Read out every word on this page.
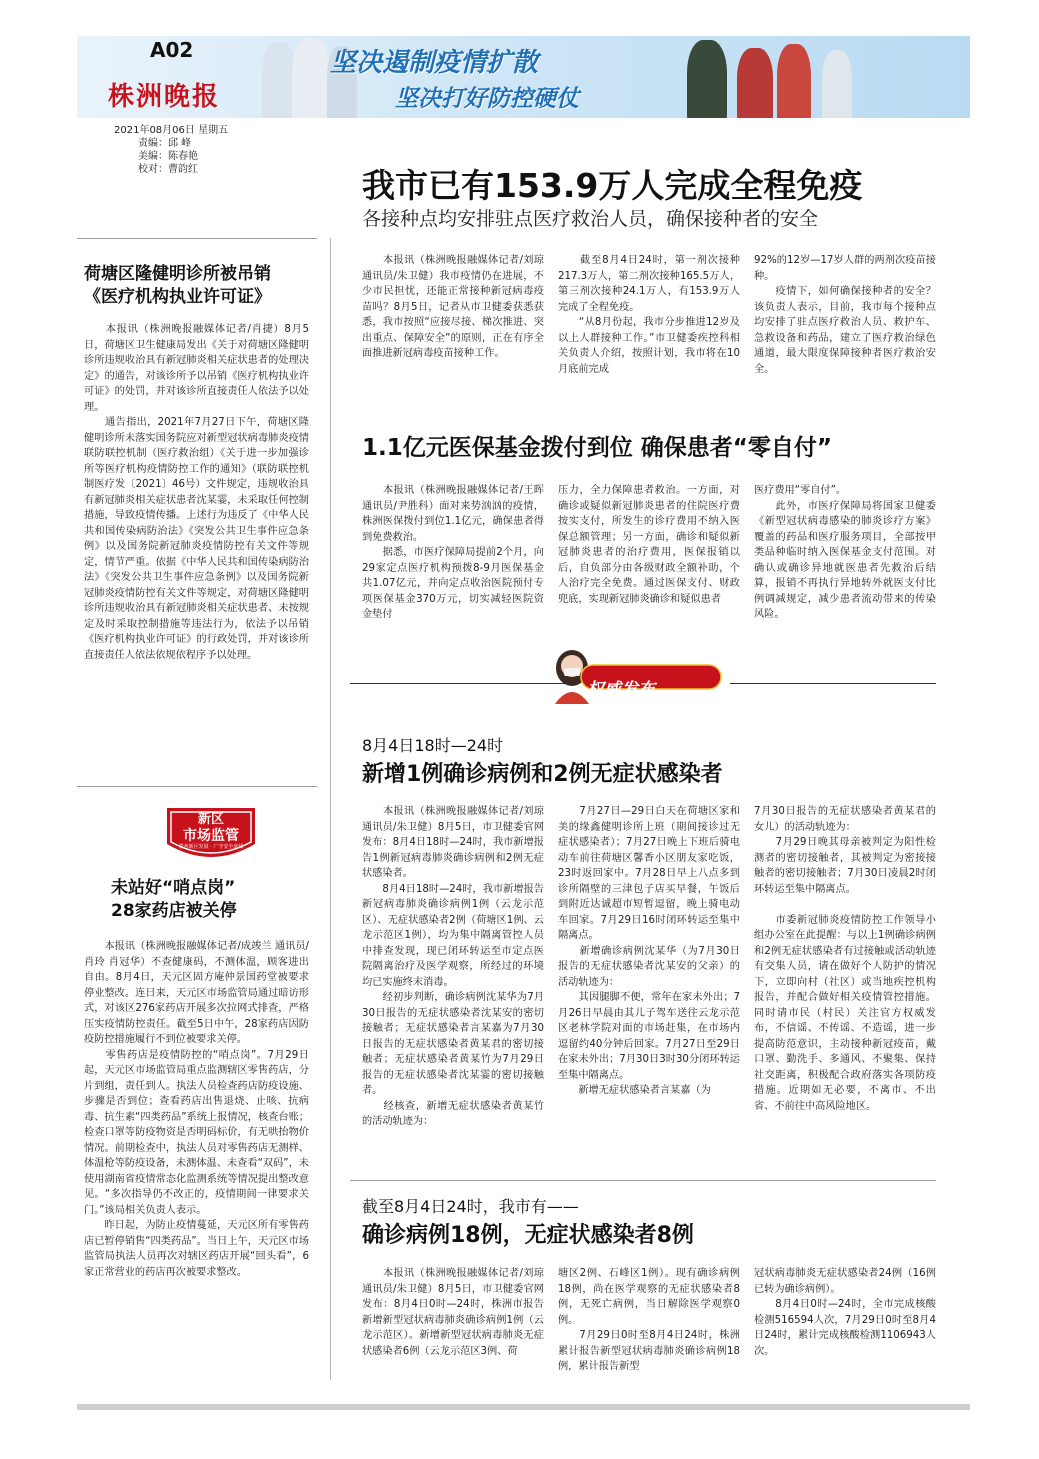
A02
株洲晚报
坚决遏制疫情扩散
坚决打好防控硬仗
2021年08月06日 星期五
责编：邱 峰
美编：陈春艳
校对：曹韵红	我市已有153.9万人完成全程免疫
各接种点均安排驻点医疗救治人员，确保接种者的安全
荷塘区隆健明诊所被吊销
《医疗机构执业许可证》

　　本报讯（株洲晚报融媒体记者/肖捷）8月5日，荷塘区卫生健康局发出《关于对荷塘区隆健明诊所违规收治具有新冠肺炎相关症状患者的处理决定》的通告，对该诊所予以吊销《医疗机构执业许可证》的处罚，并对该诊所直接责任人依法予以处理。
　　通告指出，2021年7月27日下午，荷塘区隆健明诊所未落实国务院应对新型冠状病毒肺炎疫情联防联控机制（医疗救治组）《关于进一步加强诊所等医疗机构疫情防控工作的通知》（联防联控机制医疗发〔2021〕46号）文件规定，违规收治具有新冠肺炎相关症状患者沈某霎，未采取任何控制措施，导致疫情传播。上述行为违反了《中华人民共和国传染病防治法》《突发公共卫生事件应急条例》以及国务院新冠肺炎疫情防控有关文件等规定，情节严重。依据《中华人民共和国传染病防治法》《突发公共卫生事件应急条例》以及国务院新冠肺炎疫情防控有关文件等规定，对荷塘区隆健明诊所违规收治具有新冠肺炎相关症状患者、未按规定及时采取控制措施等违法行为，依法予以吊销《医疗机构执业许可证》的行政处罚，并对该诊所直接责任人依法依规依程序予以处理。

新区
市场监管
服务新区发展 · 广守安全底线
未站好“哨点岗”
28家药店被关停

　　本报讯（株洲晚报融媒体记者/成竣兰 通讯员/肖玲 肖冠华）不查健康码，不测体温，顾客进出自由。8月4日，天元区固方庵仲景国药堂被要求停业整改。连日来，天元区市场监管局通过暗访形式，对该区276家药店开展多次拉网式排查，严格压实疫情防控责任。截至5日中午，28家药店因防疫防控措施履行不到位被要求关停。
　　零售药店是疫情防控的“哨点岗”。7月29日起，天元区市场监管局重点监测辖区零售药店，分片到组，责任到人。执法人员检查药店防疫设施、步骤是否到位；查看药店出售退烧、止咳、抗病毒、抗生素“四类药品”系统上报情况，核查台账；检查口罩等防疫物资是否明码标价，有无哄抬物价情况。前期检查中，执法人员对零售药店无测样、体温枪等防疫设备，未测体温、未查看“双码”，未使用湖南省疫情常态化监测系统等情况提出整改意见。“多次指导仍不改正的，疫情期间一律要求关门。”该局相关负责人表示。
　　昨日起，为防止疫情蔓延，天元区所有零售药店已暂停销售“四类药品”。当日上午，天元区市场监管局执法人员再次对辖区药店开展“回头看”，6家正常营业的药店再次被要求整改。

　　本报讯（株洲晚报融媒体记者/刘琼 通讯员/朱卫健）我市疫情仍在进展，不少市民担忧，还能正常接种新冠病毒疫苗吗？8月5日，记者从市卫健委获悉获悉，我市按照“应接尽接、梯次推进、突出重点、保障安全”的原则，正在有序全面推进新冠病毒疫苗接种工作。

　　截至8月4日24时，第一剂次接种217.3万人，第二剂次接种165.5万人，第三剂次接种24.1万人，有153.9万人完成了全程免疫。
　　“从8月份起，我市分步推进12岁及以上人群接种工作。”市卫健委疾控科相关负责人介绍，按照计划，我市将在10月底前完成

92%的12岁—17岁人群的两剂次疫苗接种。
　　疫情下，如何确保接种者的安全？该负责人表示，目前，我市每个接种点均安排了驻点医疗救治人员、救护车、急救设备和药品，建立了医疗救治绿色通道，最大限度保障接种者医疗救治安全。

1.1亿元医保基金拨付到位 确保患者“零自付”

　　本报讯（株洲晚报融媒体记者/王晖 通讯员/尹胜科）面对来势汹汹的疫情，株洲医保拨付到位1.1亿元，确保患者得到免费救治。
　　据悉，市医疗保障局提前2个月，向29家定点医疗机构预拨8-9月医保基金共1.07亿元，并向定点收治医院预付专项医保基金370万元，切实减轻医院资金垫付

压力，全力保障患者救治。一方面，对确诊或疑似新冠肺炎患者的住院医疗费按实支付，所发生的诊疗费用不纳入医保总额管理；另一方面，确诊和疑似新冠肺炎患者的治疗费用，医保报销以后，自负部分由各级财政全额补助，个人治疗完全免费。通过医保支付、财政兜底，实现新冠肺炎确诊和疑似患者

医疗费用“零自付”。
　　此外，市医疗保障局将国家卫健委《新型冠状病毒感染的肺炎诊疗方案》覆盖的药品和医疗服务项目，全部按甲类品种临时纳入医保基金支付范围。对确认或确诊异地就医患者先救治后结算，报销不再执行异地转外就医支付比例调减规定，减少患者流动带来的传染风险。

权威发布
8月4日18时—24时
新增1例确诊病例和2例无症状感染者

　　本报讯（株洲晚报融媒体记者/刘琼 通讯员/朱卫健）8月5日，市卫健委官网发布：8月4日18时—24时，我市新增报告1例新冠病毒肺炎确诊病例和2例无症状感染者。
　　8月4日18时—24时，我市新增报告新冠病毒肺炎确诊病例1例（云龙示范区）、无症状感染者2例（荷塘区1例、云龙示范区1例），均为集中隔离管控人员中排查发现，现已闭环转运至市定点医院隔离治疗及医学观察，所经过的环境均已实施终末消毒。
　　经初步判断，确诊病例沈某华为7月30日报告的无症状感染者沈某安的密切接触者；无症状感染者言某嘉为7月30日报告的无症状感染者黄某君的密切接触者；无症状感染者黄某竹为7月29日报告的无症状感染者沈某霎的密切接触者。
　　经核查，新增无症状感染者黄某竹的活动轨迹为：

　　7月27日—29日白天在荷塘区家和美的缘鑫健明诊所上班（期间接诊过无症状感染者）；7月27日晚上下班后骑电动车前往荷塘区馨香小区朋友家吃饭，23时返回家中。7月28日早上八点多到诊所隔壁的三津包子店买早餐，午饭后到附近达诚超市短暂逗留，晚上骑电动车回家。7月29日16时闭环转运至集中隔离点。
　　新增确诊病例沈某华（为7月30日报告的无症状感染者沈某安的父亲）的活动轨迹为：
　　其因腿脚不便，常年在家未外出；7月26日早晨由其儿子驾车送往云龙示范区老林学院对面的市场赶集，在市场内逗留约40分钟后回家。7月27日至29日在家未外出；7月30日3时30分闭环转运至集中隔离点。
　　新增无症状感染者言某嘉（为

7月30日报告的无症状感染者黄某君的女儿）的活动轨迹为：
　　7月29日晚其母亲被判定为阳性检测者的密切接触者，其被判定为密接接触者的密切接触者；7月30日凌晨2时闭环转运至集中隔离点。

　　市委新冠肺炎疫情防控工作领导小组办公室在此提醒：与以上1例确诊病例和2例无症状感染者有过接触或活动轨迹有交集人员，请在做好个人防护的情况下，立即向村（社区）或当地疾控机构报告，并配合做好相关疫情管控措施。同时请市民（村民）关注官方权威发布，不信谣、不传谣、不造谣，进一步提高防范意识，主动接种新冠疫苗，戴口罩、勤洗手、多通风、不聚集、保持社交距离，积极配合政府落实各项防疫措施。近期如无必要，不离市、不出省、不前往中高风险地区。

截至8月4日24时，我市有——
确诊病例18例，无症状感染者8例

　　本报讯（株洲晚报融媒体记者/刘琼 通讯员/朱卫健）8月5日，市卫健委官网发布：8月4日0时—24时，株洲市报告新增新型冠状病毒肺炎确诊病例1例（云龙示范区）。新增新型冠状病毒肺炎无症状感染者6例（云龙示范区3例、荷

塘区2例、石峰区1例）。现有确诊病例18例，尚在医学观察的无症状感染者8例，无死亡病例，当日解除医学观察0例。
　　7月29日0时至8月4日24时，株洲累计报告新型冠状病毒肺炎确诊病例18例，累计报告新型

冠状病毒肺炎无症状感染者24例（16例已转为确诊病例）。
　　8月4日0时—24时，全市完成核酸检测516594人次，7月29日0时至8月4日24时，累计完成核酸检测1106943人次。
